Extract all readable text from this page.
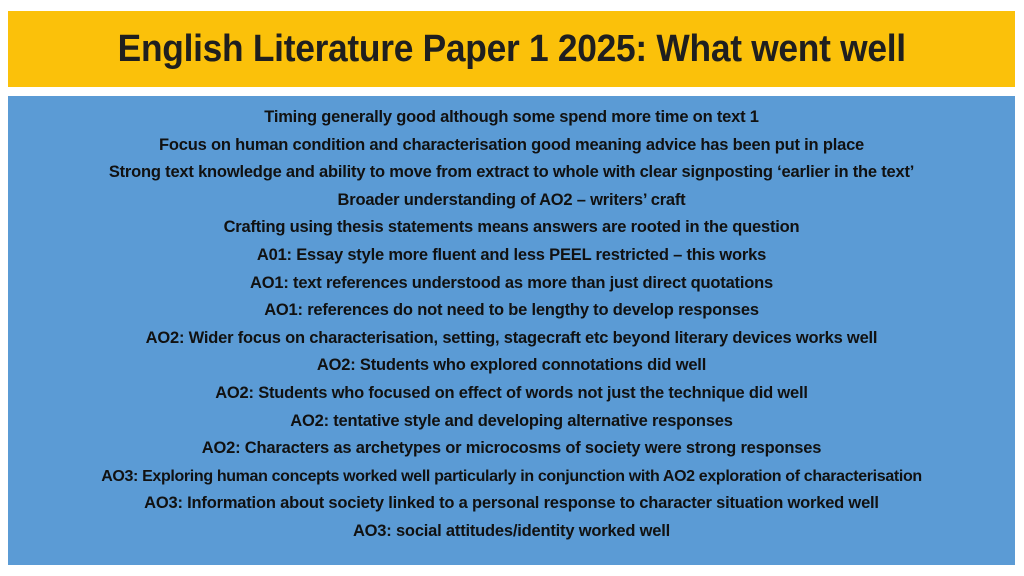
English Literature Paper 1 2025: What went well
Timing generally good although some spend more time on text 1
Focus on human condition and characterisation good meaning advice has been put in place
Strong text knowledge and ability to move from extract to whole with clear signposting ‘earlier in the text’
Broader understanding of AO2 – writers’ craft
Crafting using thesis statements means answers are rooted in the question
A01: Essay style more fluent and less PEEL restricted – this works
AO1: text references understood as more than just direct quotations
AO1: references do not need to be lengthy to develop responses
AO2: Wider focus on characterisation, setting, stagecraft etc beyond literary devices works well
AO2: Students who explored connotations did well
AO2: Students who focused on effect of words not just the technique did well
AO2: tentative style and developing alternative responses
AO2: Characters as archetypes or microcosms of society were strong responses
AO3: Exploring human concepts worked well particularly in conjunction with AO2 exploration of characterisation
AO3: Information about society linked to a personal response to character situation worked well
AO3: social attitudes/identity worked well
